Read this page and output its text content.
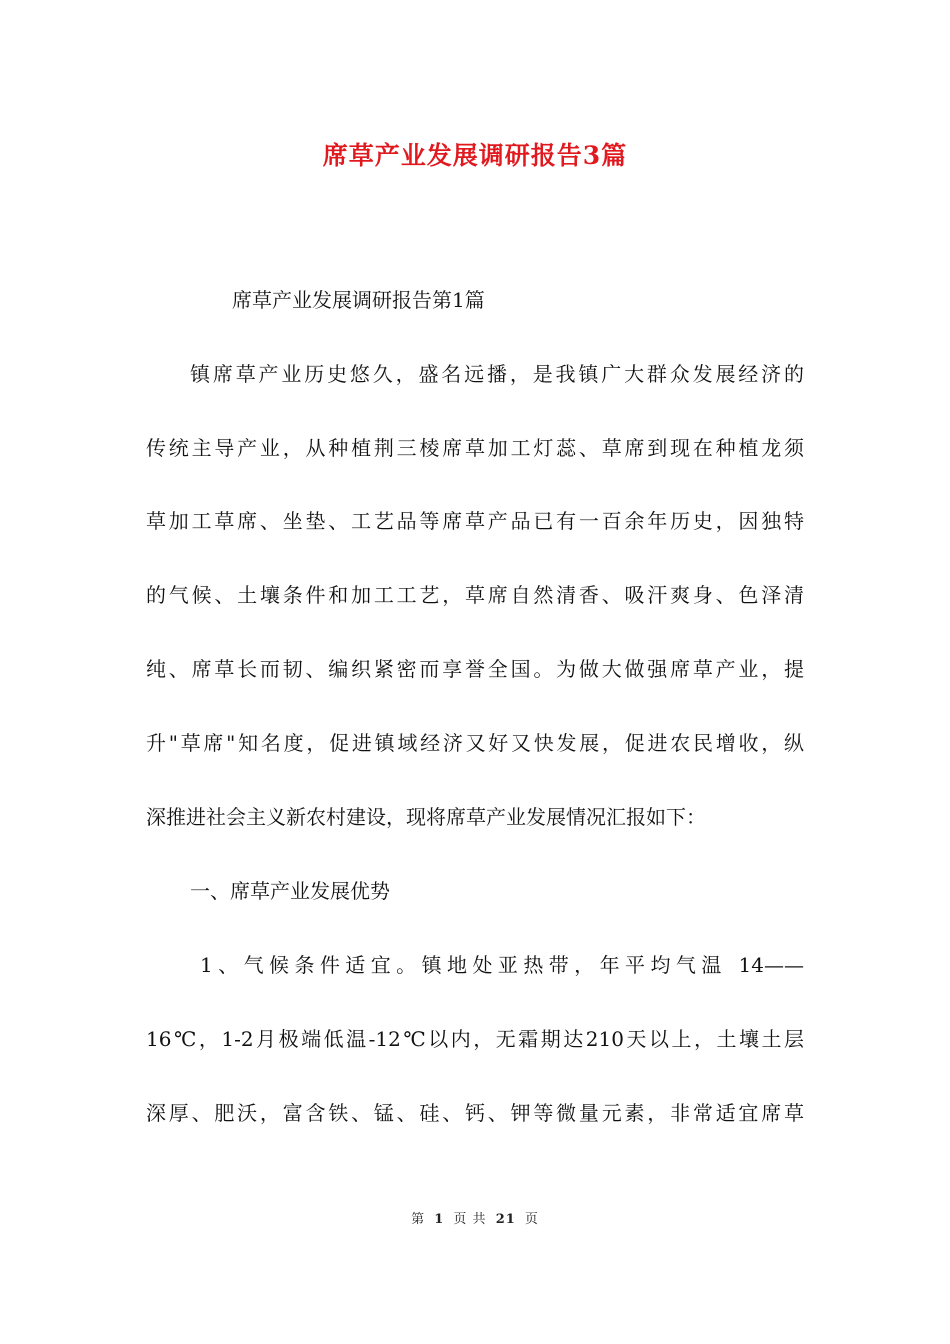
席草产业发展调研报告3篇
席草产业发展调研报告第1篇
镇席草产业历史悠久，盛名远播，是我镇广大群众发展经济的
传统主导产业，从种植荆三棱席草加工灯蕊、草席到现在种植龙须
草加工草席、坐垫、工艺品等席草产品已有一百余年历史，因独特
的气候、土壤条件和加工工艺，草席自然清香、吸汗爽身、色泽清
纯、席草长而韧、编织紧密而享誉全国。为做大做强席草产业，提
升"草席"知名度，促进镇域经济又好又快发展，促进农民增收，纵
深推进社会主义新农村建设，现将席草产业发展情况汇报如下：
一、席草产业发展优势
1、气候条件适宜。镇地处亚热带，年平均气温 14——
16℃，1-2月极端低温-12℃以内，无霜期达210天以上，土壤土层
深厚、肥沃，富含铁、锰、硅、钙、钾等微量元素，非常适宜席草
第 1 页 共 21 页
